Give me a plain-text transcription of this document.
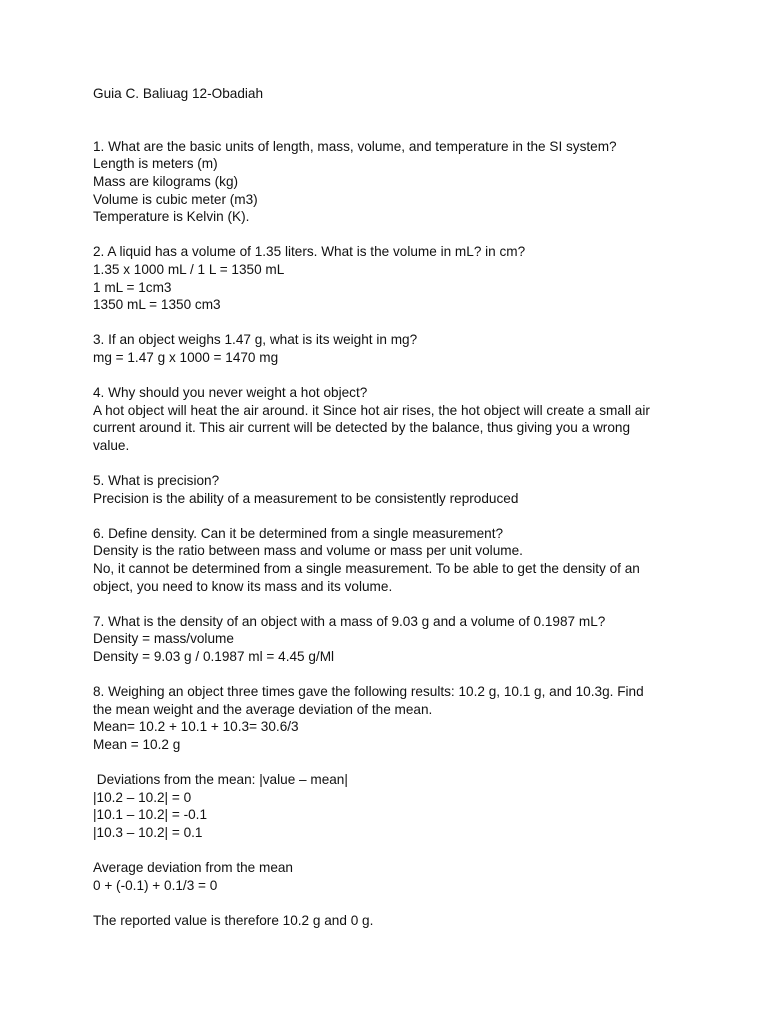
Guia C. Baliuag 12-Obadiah
1. What are the basic units of length, mass, volume, and temperature in the SI system?
Length is meters (m)
Mass are kilograms (kg)
Volume is cubic meter (m3)
Temperature is Kelvin (K).
2. A liquid has a volume of 1.35 liters. What is the volume in mL? in cm?
1.35 x 1000 mL / 1 L = 1350 mL
1 mL = 1cm3
1350 mL = 1350 cm3
3. If an object weighs 1.47 g, what is its weight in mg?
mg = 1.47 g x 1000 = 1470 mg
4. Why should you never weight a hot object?
A hot object will heat the air around. it Since hot air rises, the hot object will create a small air
current around it. This air current will be detected by the balance, thus giving you a wrong
value.
5. What is precision?
Precision is the ability of a measurement to be consistently reproduced
6. Define density. Can it be determined from a single measurement?
Density is the ratio between mass and volume or mass per unit volume.
No, it cannot be determined from a single measurement. To be able to get the density of an
object, you need to know its mass and its volume.
7. What is the density of an object with a mass of 9.03 g and a volume of 0.1987 mL?
Density = mass/volume
Density = 9.03 g / 0.1987 ml = 4.45 g/Ml
8. Weighing an object three times gave the following results: 10.2 g, 10.1 g, and 10.3g. Find
the mean weight and the average deviation of the mean.
Mean= 10.2 + 10.1 + 10.3= 30.6/3
Mean = 10.2 g
Deviations from the mean: |value – mean|
|10.2 – 10.2| = 0
|10.1 – 10.2| = -0.1
|10.3 – 10.2| = 0.1
Average deviation from the mean
0 + (-0.1) + 0.1/3 = 0
The reported value is therefore 10.2 g and 0 g.
